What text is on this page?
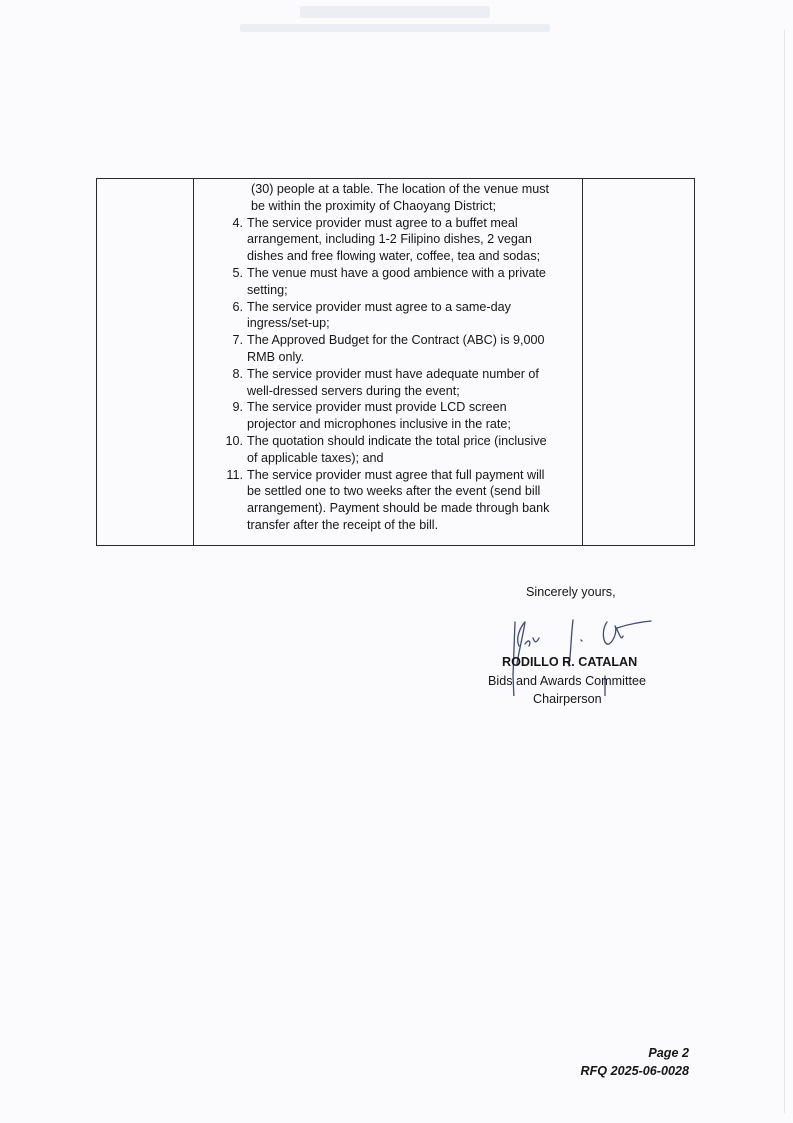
(30) people at a table. The location of the venue must
be within the proximity of Chaoyang District;
4. The service provider must agree to a buffet meal
arrangement, including 1-2 Filipino dishes, 2 vegan
dishes and free flowing water, coffee, tea and sodas;
5. The venue must have a good ambience with a private
setting;
6. The service provider must agree to a same-day
ingress/set-up;
7. The Approved Budget for the Contract (ABC) is 9,000
RMB only.
8. The service provider must have adequate number of
well-dressed servers during the event;
9. The service provider must provide LCD screen
projector and microphones inclusive in the rate;
10. The quotation should indicate the total price (inclusive
of applicable taxes); and
11. The service provider must agree that full payment will
be settled one to two weeks after the event (send bill
arrangement). Payment should be made through bank
transfer after the receipt of the bill.
Sincerely yours,
RODILLO R. CATALAN
Bids and Awards Committee
Chairperson
Page 2
RFQ 2025-06-0028
